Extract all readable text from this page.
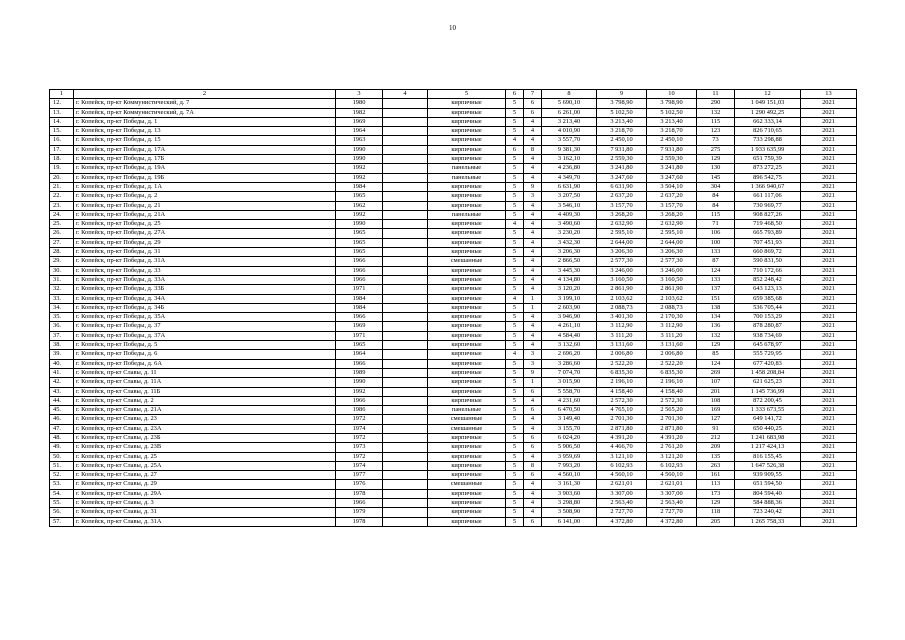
10
1	2	3	4	5	6	7	8	9	10	11	12	13
12.	г. Копейск, пр-кт Коммунистический, д. 7	1980		кирпичные	5	6	5 690,10	3 798,90	3 798,90	290	1 049 151,03	2021
13.	г. Копейск, пр-кт Коммунистический, д. 7А	1982		кирпичные	5	6	6 261,00	5 102,50	5 102,50	132	1 290 492,25	2021
14.	г. Копейск, пр-кт Победы, д. 1	1969		кирпичные	5	4	3 213,40	3 213,40	3 213,40	115	662 333,14	2021
15.	г. Копейск, пр-кт Победы, д. 13	1964		кирпичные	5	4	4 010,90	3 218,70	3 218,70	123	826 710,65	2021
16.	г. Копейск, пр-кт Победы, д. 15	1963		кирпичные	4	4	3 557,70	2 450,10	2 450,10	73	733 298,88	2021
17.	г. Копейск, пр-кт Победы, д. 17А	1990		кирпичные	6	8	9 381,30	7 931,80	7 931,80	275	1 933 635,99	2021
18.	г. Копейск, пр-кт Победы, д. 17Б	1990		кирпичные	5	4	3 162,10	2 559,30	2 559,30	129	651 759,39	2021
19.	г. Копейск, пр-кт Победы, д. 19А	1992		панельные	5	4	4 236,80	3 241,80	3 241,80	130	873 272,25	2021
20.	г. Копейск, пр-кт Победы, д. 19Б	1992		панельные	5	4	4 349,70	3 247,60	3 247,60	145	896 542,75	2021
21.	г. Копейск, пр-кт Победы, д. 1А	1984		кирпичные	5	9	6 631,90	6 631,90	3 504,10	304	1 366 940,67	2021
22.	г. Копейск, пр-кт Победы, д. 2	1965		кирпичные	5	3	3 207,50	2 637,20	2 637,20	84	661 117,06	2021
23.	г. Копейск, пр-кт Победы, д. 21	1962		кирпичные	5	4	3 546,10	3 157,70	3 157,70	84	730 969,77	2021
24.	г. Копейск, пр-кт Победы, д. 21А	1992		панельные	5	4	4 409,30	3 268,20	3 268,20	115	908 827,26	2021
25.	г. Копейск, пр-кт Победы, д. 25	1990		кирпичные	4	4	3 490,60	2 632,90	2 632,90	71	719 468,50	2021
26.	г. Копейск, пр-кт Победы, д. 27А	1965		кирпичные	5	4	3 230,20	2 595,10	2 595,10	106	665 793,89	2021
27.	г. Копейск, пр-кт Победы, д. 29	1965		кирпичные	5	4	3 432,30	2 644,00	2 644,00	100	707 451,93	2021
28.	г. Копейск, пр-кт Победы, д. 31	1965		кирпичные	5	4	3 206,30	3 206,30	3 206,30	133	660 869,72	2021
29.	г. Копейск, пр-кт Победы, д. 31А	1966		смешанные	5	4	2 866,50	2 577,30	2 577,30	87	590 831,50	2021
30.	г. Копейск, пр-кт Победы, д. 33	1966		кирпичные	5	4	3 445,30	3 246,00	3 246,00	124	710 172,66	2021
31.	г. Копейск, пр-кт Победы, д. 33А	1966		кирпичные	5	4	4 134,80	3 160,50	3 160,50	133	852 248,42	2021
32.	г. Копейск, пр-кт Победы, д. 33Б	1971		кирпичные	5	4	3 120,20	2 861,90	2 861,90	137	643 123,13	2021
33.	г. Копейск, пр-кт Победы, д. 34А	1984		кирпичные	4	1	3 199,10	2 103,62	2 103,62	151	659 385,68	2021
34.	г. Копейск, пр-кт Победы, д. 34Б	1984		кирпичные	5	1	2 603,90	2 088,73	2 088,73	138	536 705,44	2021
35.	г. Копейск, пр-кт Победы, д. 35А	1966		кирпичные	5	4	3 946,90	3 401,30	2 170,30	134	700 153,29	2021
36.	г. Копейск, пр-кт Победы, д. 37	1969		кирпичные	5	4	4 261,10	3 112,90	3 112,90	136	878 280,87	2021
37.	г. Копейск, пр-кт Победы, д. 37А	1971		кирпичные	5	4	4 584,40	3 111,20	3 111,20	132	938 734,69	2021
38.	г. Копейск, пр-кт Победы, д. 5	1965		кирпичные	5	4	3 132,60	3 131,60	3 131,60	129	645 678,97	2021
39.	г. Копейск, пр-кт Победы, д. 6	1964		кирпичные	4	3	2 696,20	2 006,80	2 006,80	85	555 729,95	2021
40.	г. Копейск, пр-кт Победы, д. 6А	1966		кирпичные	5	3	3 286,60	2 522,20	2 522,20	124	677 420,83	2021
41.	г. Копейск, пр-кт Славы, д. 11	1989		кирпичные	5	9	7 074,70	6 835,30	6 835,30	269	1 458 208,84	2021
42.	г. Копейск, пр-кт Славы, д. 11А	1990		кирпичные	5	1	3 015,90	2 196,10	2 196,10	107	621 625,23	2021
43.	г. Копейск, пр-кт Славы, д. 11Б	1992		кирпичные	5	6	5 558,70	4 158,40	4 158,40	201	1 145 736,99	2021
44.	г. Копейск, пр-кт Славы, д. 2	1966		кирпичные	5	4	4 231,60	2 572,30	2 572,30	108	872 200,45	2021
45.	г. Копейск, пр-кт Славы, д. 21А	1986		панельные	5	6	6 470,50	4 765,10	2 565,20	169	1 333 673,55	2021
46.	г. Копейск, пр-кт Славы, д. 23	1972		смешанные	5	4	3 149,40	2 701,30	2 701,30	127	649 141,72	2021
47.	г. Копейск, пр-кт Славы, д. 23А	1974		смешанные	5	4	3 155,70	2 871,80	2 871,80	91	650 440,25	2021
48.	г. Копейск, пр-кт Славы, д. 23Б	1972		кирпичные	5	6	6 024,20	4 391,20	4 391,20	212	1 241 683,98	2021
49.	г. Копейск, пр-кт Славы, д. 23В	1973		кирпичные	5	6	5 906,50	4 466,70	2 761,20	209	1 217 424,13	2021
50.	г. Копейск, пр-кт Славы, д. 25	1972		кирпичные	5	4	3 959,69	3 121,10	3 121,20	135	816 155,45	2021
51.	г. Копейск, пр-кт Славы, д. 25А	1974		кирпичные	5	8	7 993,20	6 102,93	6 102,93	263	1 647 526,38	2021
52.	г. Копейск, пр-кт Славы, д. 27	1977		кирпичные	5	6	4 560,10	4 560,10	4 560,10	161	939 909,55	2021
53.	г. Копейск, пр-кт Славы, д. 29	1976		смешанные	5	4	3 161,30	2 621,01	2 621,01	113	651 594,50	2021
54.	г. Копейск, пр-кт Славы, д. 29А	1978		кирпичные	5	4	3 903,60	3 307,00	3 307,00	173	804 594,40	2021
55.	г. Копейск, пр-кт Славы, д. 3	1966		кирпичные	5	4	3 298,80	2 563,40	2 563,40	129	584 888,36	2021
56.	г. Копейск, пр-кт Славы, д. 31	1979		кирпичные	5	4	3 508,90	2 727,70	2 727,70	118	723 240,42	2021
57.	г. Копейск, пр-кт Славы, д. 31А	1978		кирпичные	5	6	6 141,00	4 372,80	4 372,80	205	1 265 758,33	2021
